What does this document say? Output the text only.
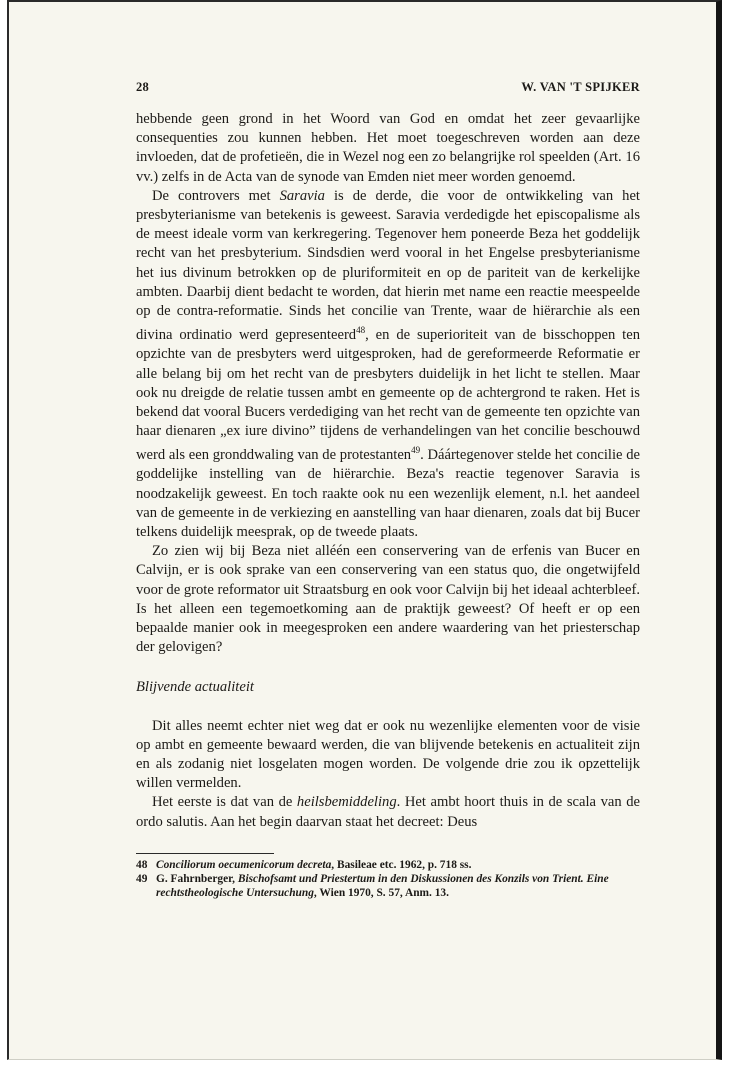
28	W. VAN 'T SPIJKER

hebbende geen grond in het Woord van God en omdat het zeer gevaarlijke consequenties zou kunnen hebben. Het moet toegeschreven worden aan deze invloeden, dat de profetieën, die in Wezel nog een zo belangrijke rol speelden (Art. 16 vv.) zelfs in de Acta van de synode van Emden niet meer worden genoemd.

De controvers met Saravia is de derde, die voor de ontwikkeling van het presbyterianisme van betekenis is geweest. Saravia verdedigde het episcopalisme als de meest ideale vorm van kerkregering. Tegenover hem poneerde Beza het goddelijk recht van het presbyterium. Sindsdien werd vooral in het Engelse presbyterianisme het ius divinum betrokken op de pluriformiteit en op de pariteit van de kerkelijke ambten. Daarbij dient bedacht te worden, dat hierin met name een reactie meespeelde op de contra-reformatie. Sinds het concilie van Trente, waar de hiërarchie als een divina ordinatio werd gepresenteerd$^{48}$, en de superioriteit van de bisschoppen ten opzichte van de presbyters werd uitgesproken, had de gereformeerde Reformatie er alle belang bij om het recht van de presbyters duidelijk in het licht te stellen. Maar ook nu dreigde de relatie tussen ambt en gemeente op de achtergrond te raken. Het is bekend dat vooral Bucers verdediging van het recht van de gemeente ten opzichte van haar dienaren „ex iure divino” tijdens de verhandelingen van het concilie beschouwd werd als een gronddwaling van de protestanten$^{49}$. Dáártegenover stelde het concilie de goddelijke instelling van de hiërarchie. Beza's reactie tegenover Saravia is noodzakelijk geweest. En toch raakte ook nu een wezenlijk element, n.l. het aandeel van de gemeente in de verkiezing en aanstelling van haar dienaren, zoals dat bij Bucer telkens duidelijk meesprak, op de tweede plaats.

Zo zien wij bij Beza niet alléén een conservering van de erfenis van Bucer en Calvijn, er is ook sprake van een conservering van een status quo, die ongetwijfeld voor de grote reformator uit Straatsburg en ook voor Calvijn bij het ideaal achterbleef. Is het alleen een tegemoetkoming aan de praktijk geweest? Of heeft er op een bepaalde manier ook in meegesproken een andere waardering van het priesterschap der gelovigen?

Blijvende actualiteit

Dit alles neemt echter niet weg dat er ook nu wezenlijke elementen voor de visie op ambt en gemeente bewaard werden, die van blijvende betekenis en actualiteit zijn en als zodanig niet losgelaten mogen worden. De volgende drie zou ik opzettelijk willen vermelden.

Het eerste is dat van de heilsbemiddeling. Het ambt hoort thuis in de scala van de ordo salutis. Aan het begin daarvan staat het decreet: Deus

48 Conciliorum oecumenicorum decreta, Basileae etc. 1962, p. 718 ss.
49 G. Fahrnberger, Bischofsamt und Priestertum in den Diskussionen des Konzils von Trient. Eine rechtstheologische Untersuchung, Wien 1970, S. 57, Anm. 13.
